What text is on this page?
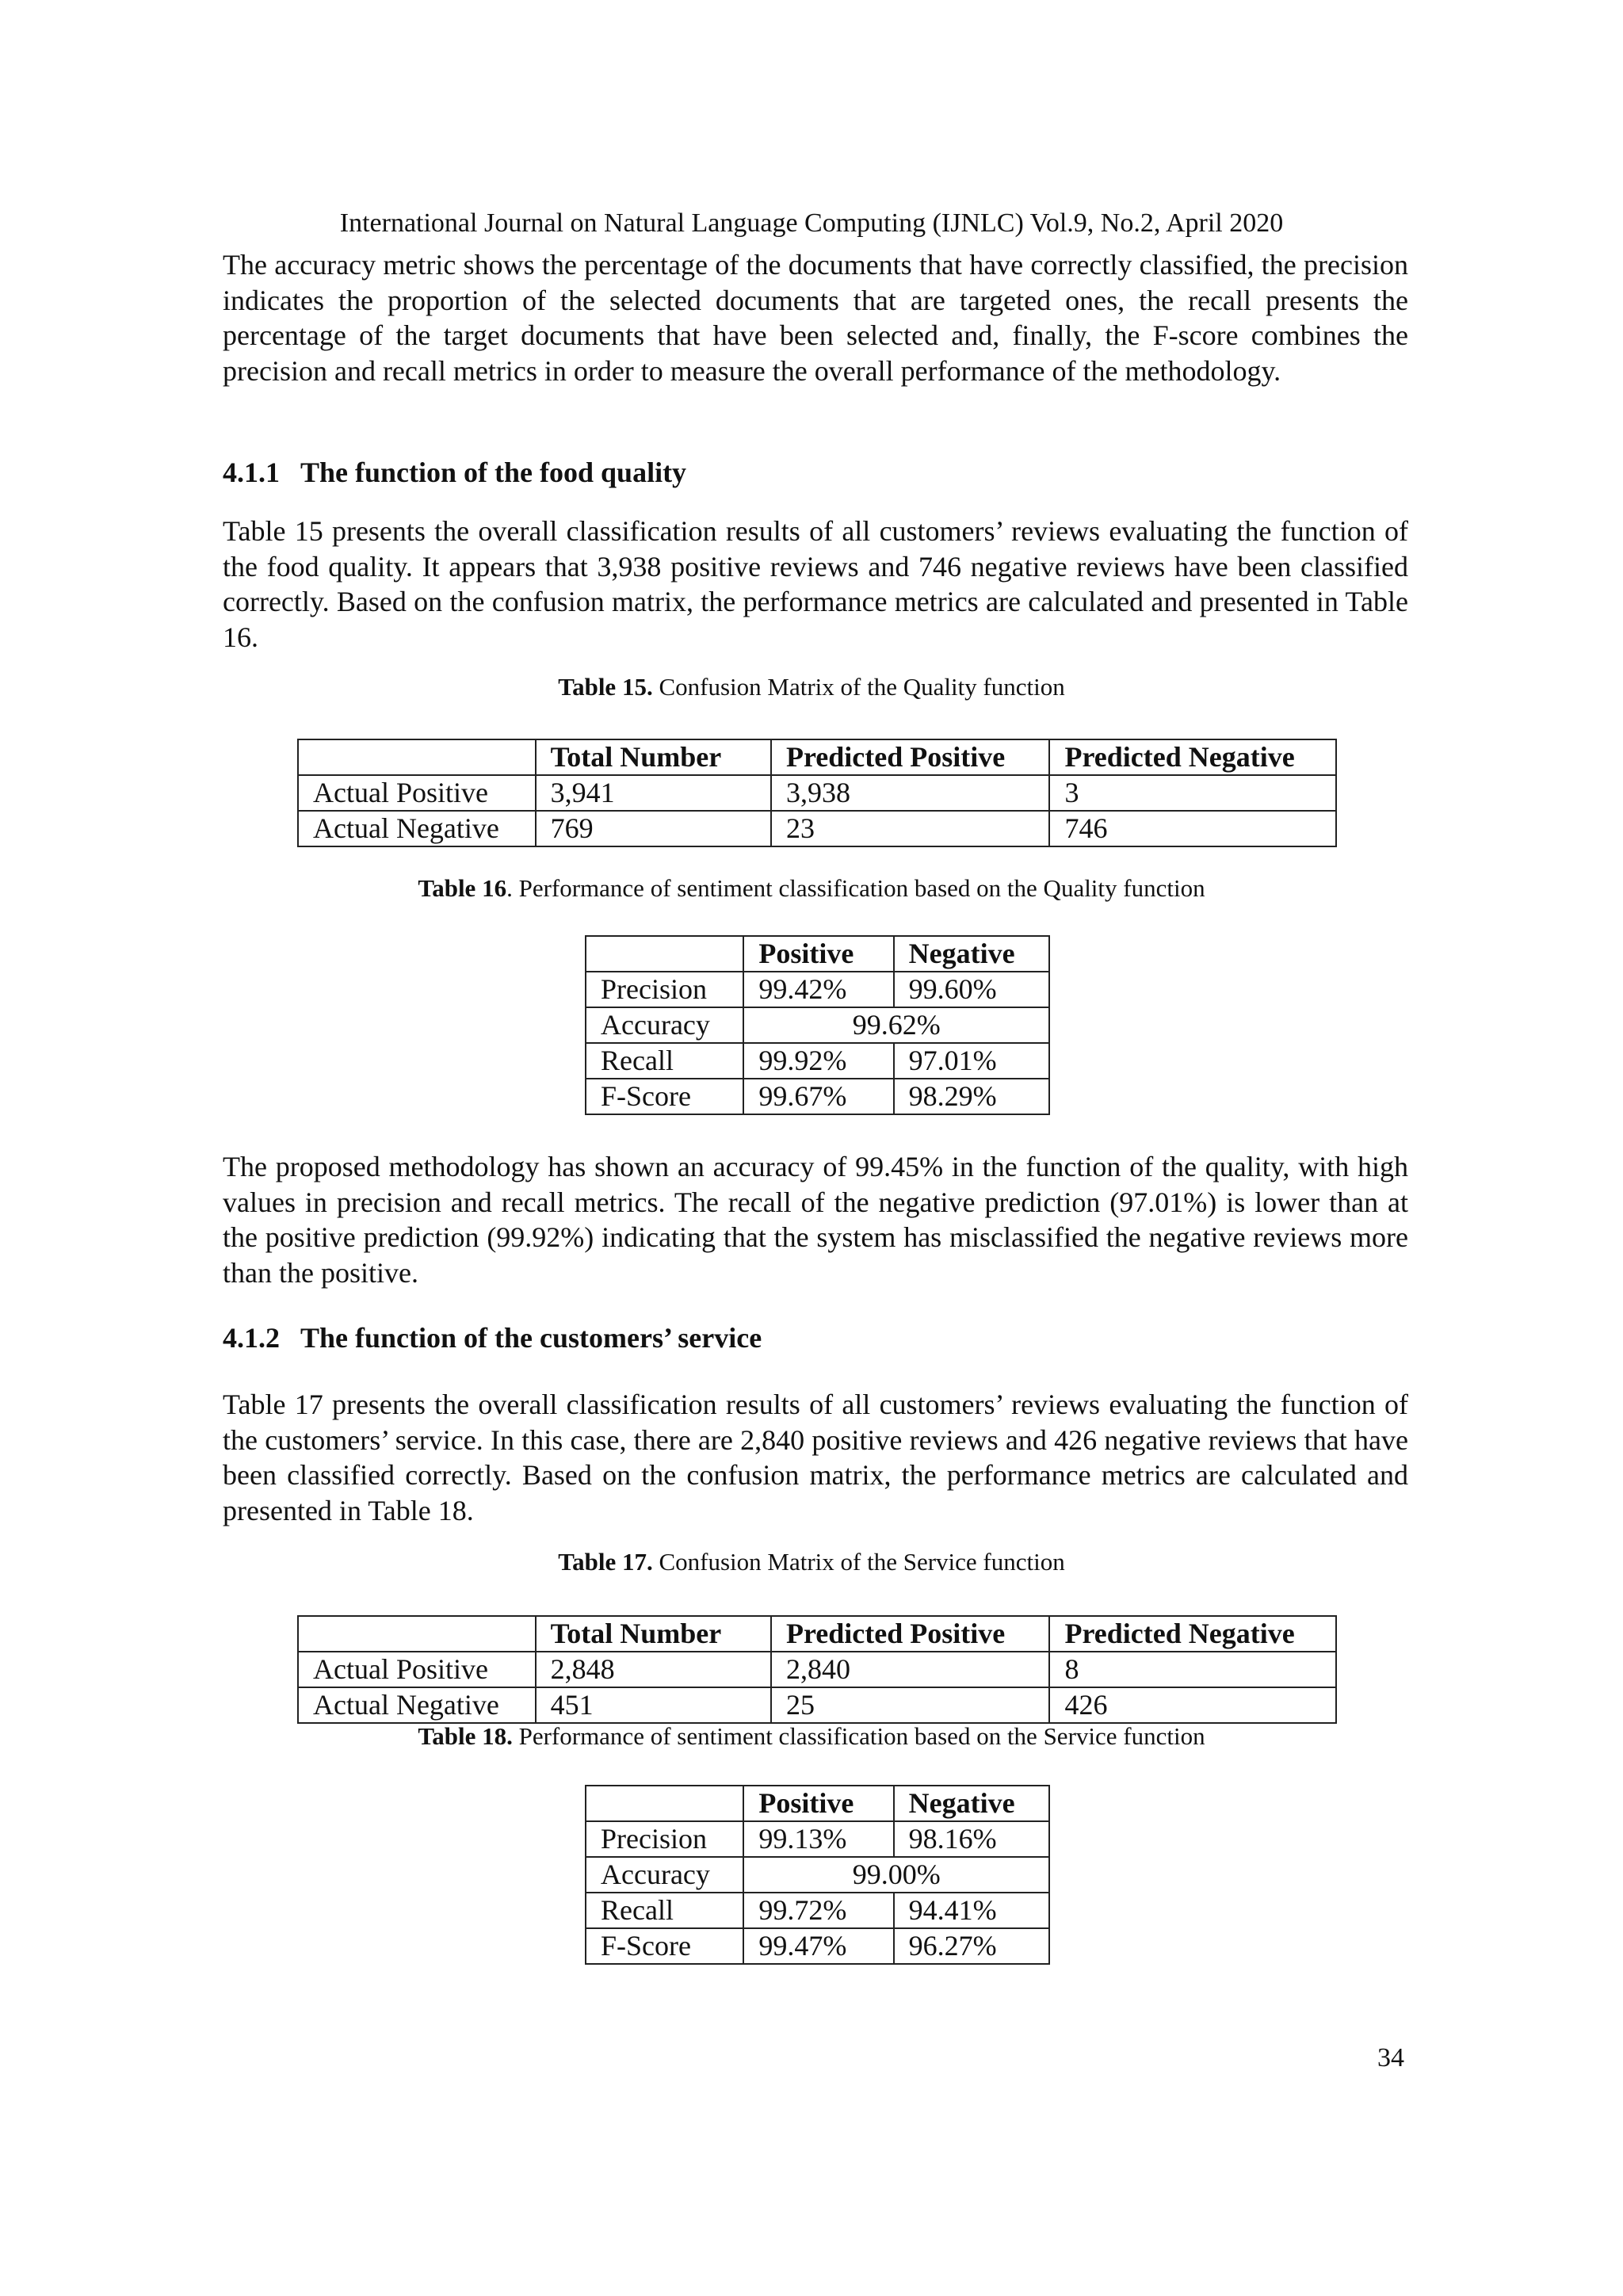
International Journal on Natural Language Computing (IJNLC) Vol.9, No.2, April 2020

The accuracy metric shows the percentage of the documents that have correctly classified, the precision indicates the proportion of the selected documents that are targeted ones, the recall presents the percentage of the target documents that have been selected and, finally, the F-score combines the precision and recall metrics in order to measure the overall performance of the methodology.

4.1.1 The function of the food quality

Table 15 presents the overall classification results of all customers’ reviews evaluating the function of the food quality. It appears that 3,938 positive reviews and 746 negative reviews have been classified correctly. Based on the confusion matrix, the performance metrics are calculated and presented in Table 16.

Table 15. Confusion Matrix of the Quality function
	Total Number	Predicted Positive	Predicted Negative
Actual Positive	3,941	3,938	3
Actual Negative	769	23	746
Table 16. Performance of sentiment classification based on the Quality function
	Positive	Negative
Precision	99.42%	99.60%
Accuracy	99.62%	
Recall	99.92%	97.01%
F-Score	99.67%	98.29%

The proposed methodology has shown an accuracy of 99.45% in the function of the quality, with high values in precision and recall metrics. The recall of the negative prediction (97.01%) is lower than at the positive prediction (99.92%) indicating that the system has misclassified the negative reviews more than the positive.

4.1.2 The function of the customers’ service

Table 17 presents the overall classification results of all customers’ reviews evaluating the function of the customers’ service. In this case, there are 2,840 positive reviews and 426 negative reviews that have been classified correctly. Based on the confusion matrix, the performance metrics are calculated and presented in Table 18.

Table 17. Confusion Matrix of the Service function
	Total Number	Predicted Positive	Predicted Negative
Actual Positive	2,848	2,840	8
Actual Negative	451	25	426
Table 18. Performance of sentiment classification based on the Service function
	Positive	Negative
Precision	99.13%	98.16%
Accuracy	99.00%	
Recall	99.72%	94.41%
F-Score	99.47%	96.27%
34
